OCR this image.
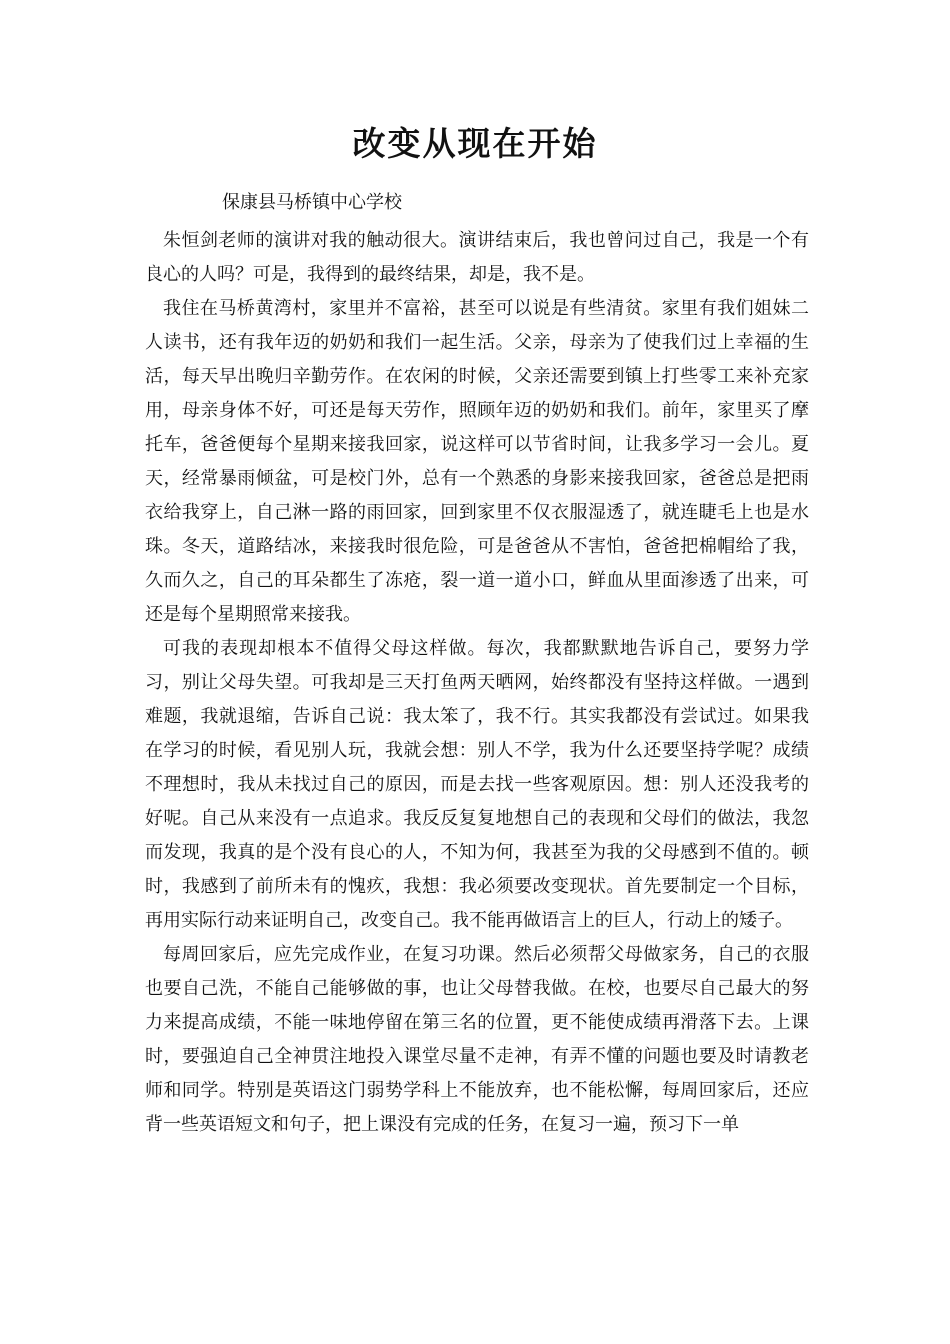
改变从现在开始
保康县马桥镇中心学校

朱恒剑老师的演讲对我的触动很大。演讲结束后，我也曾问过自己，我是一个有良心的人吗？可是，我得到的最终结果，却是，我不是。

我住在马桥黄湾村，家里并不富裕，甚至可以说是有些清贫。家里有我们姐妹二人读书，还有我年迈的奶奶和我们一起生活。父亲，母亲为了使我们过上幸福的生活，每天早出晚归辛勤劳作。在农闲的时候，父亲还需要到镇上打些零工来补充家用，母亲身体不好，可还是每天劳作，照顾年迈的奶奶和我们。前年，家里买了摩托车，爸爸便每个星期来接我回家，说这样可以节省时间，让我多学习一会儿。夏天，经常暴雨倾盆，可是校门外，总有一个熟悉的身影来接我回家，爸爸总是把雨衣给我穿上，自己淋一路的雨回家，回到家里不仅衣服湿透了，就连睫毛上也是水珠。冬天，道路结冰，来接我时很危险，可是爸爸从不害怕，爸爸把棉帽给了我，久而久之，自己的耳朵都生了冻疮，裂一道一道小口，鲜血从里面渗透了出来，可还是每个星期照常来接我。

可我的表现却根本不值得父母这样做。每次，我都默默地告诉自己，要努力学习，别让父母失望。可我却是三天打鱼两天晒网，始终都没有坚持这样做。一遇到难题，我就退缩，告诉自己说：我太笨了，我不行。其实我都没有尝试过。如果我在学习的时候，看见别人玩，我就会想：别人不学，我为什么还要坚持学呢？成绩不理想时，我从未找过自己的原因，而是去找一些客观原因。想：别人还没我考的好呢。自己从来没有一点追求。我反反复复地想自己的表现和父母们的做法，我忽而发现，我真的是个没有良心的人，不知为何，我甚至为我的父母感到不值的。顿时，我感到了前所未有的愧疚，我想：我必须要改变现状。首先要制定一个目标，再用实际行动来证明自己，改变自己。我不能再做语言上的巨人，行动上的矮子。

每周回家后，应先完成作业，在复习功课。然后必须帮父母做家务，自己的衣服也要自己洗，不能自己能够做的事，也让父母替我做。在校，也要尽自己最大的努力来提高成绩，不能一味地停留在第三名的位置，更不能使成绩再滑落下去。上课时，要强迫自己全神贯注地投入课堂尽量不走神，有弄不懂的问题也要及时请教老师和同学。特别是英语这门弱势学科上不能放弃，也不能松懈，每周回家后，还应背一些英语短文和句子，把上课没有完成的任务，在复习一遍，预习下一单
